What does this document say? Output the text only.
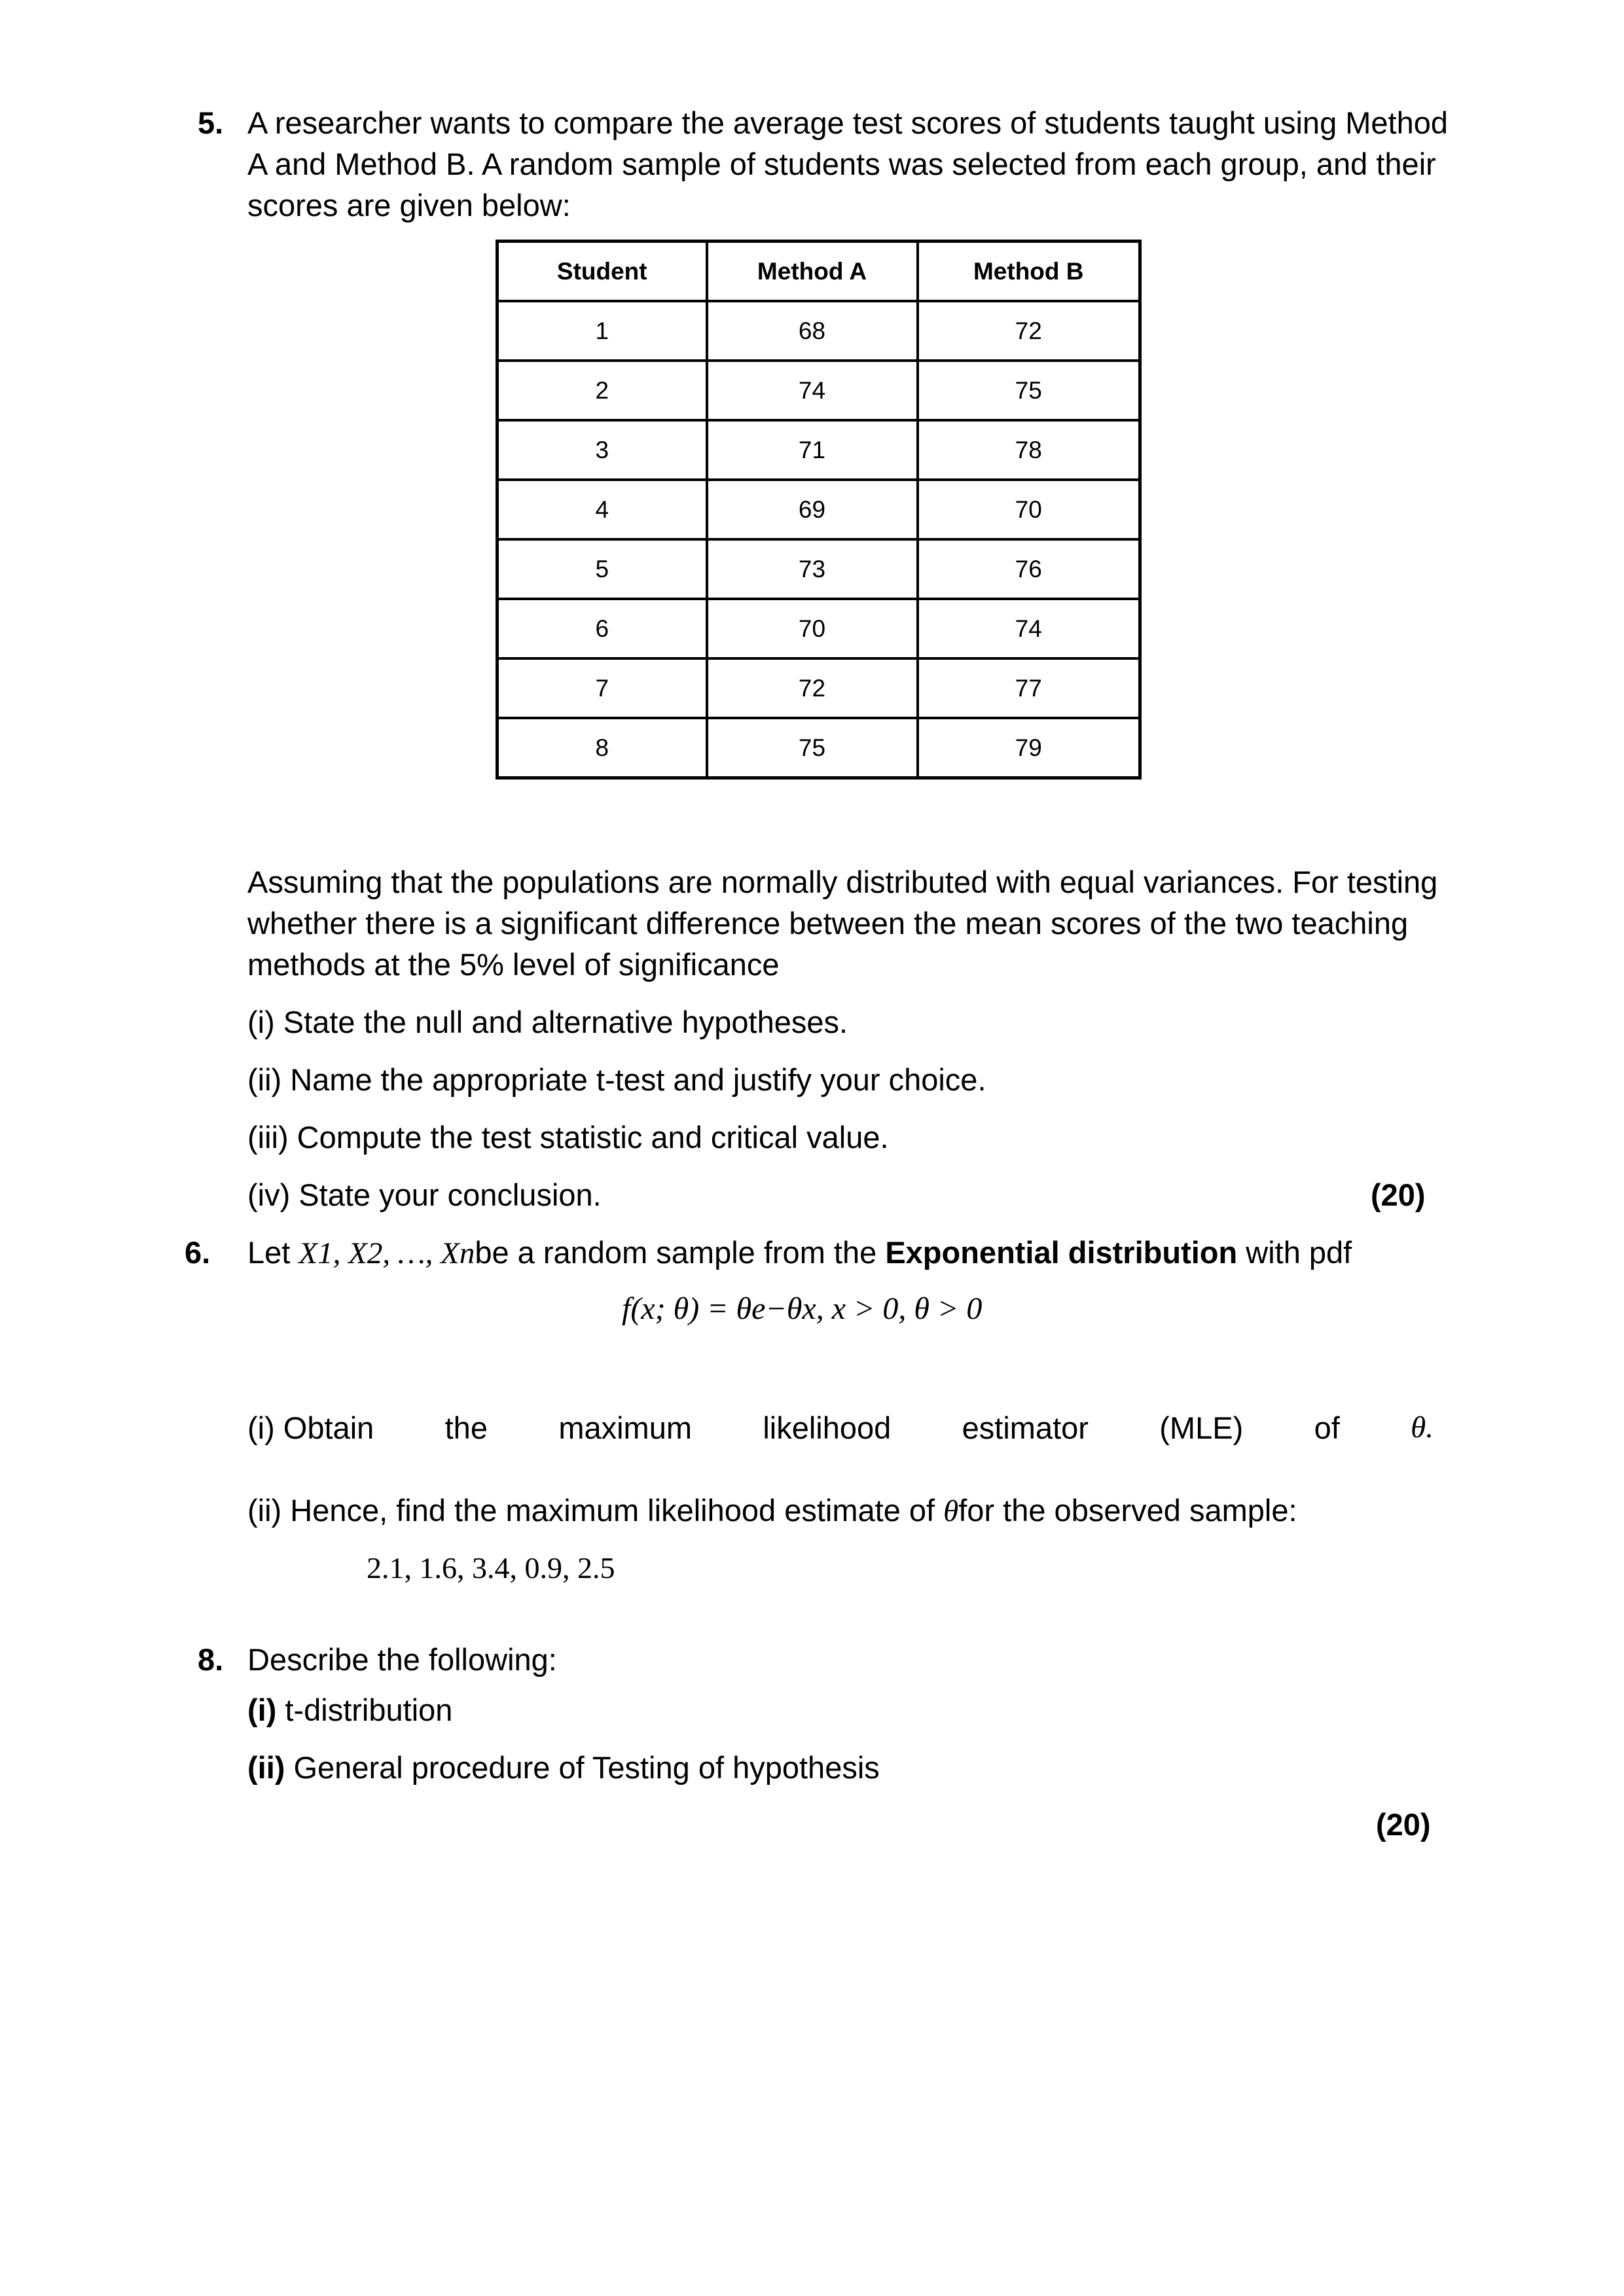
5. A researcher wants to compare the average test scores of students taught using Method
A and Method B. A random sample of students was selected from each group, and their
scores are given below:
Student	Method A	Method B
1	68	72
2	74	75
3	71	78
4	69	70
5	73	76
6	70	74
7	72	77
8	75	79
Assuming that the populations are normally distributed with equal variances. For testing
whether there is a significant difference between the mean scores of the two teaching
methods at the 5% level of significance
(i) State the null and alternative hypotheses.
(ii) Name the appropriate t-test and justify your choice.
(iii) Compute the test statistic and critical value.
(iv) State your conclusion.	(20)
6. Let X1, X2, …, Xnbe a random sample from the Exponential distribution with pdf
f(x; θ) = θe−θx, x > 0, θ > 0
(i) Obtain the maximum likelihood estimator (MLE) of θ.
(ii) Hence, find the maximum likelihood estimate of θfor the observed sample:
2.1, 1.6, 3.4, 0.9, 2.5
8. Describe the following:
(i) t-distribution
(ii) General procedure of Testing of hypothesis
(20)
